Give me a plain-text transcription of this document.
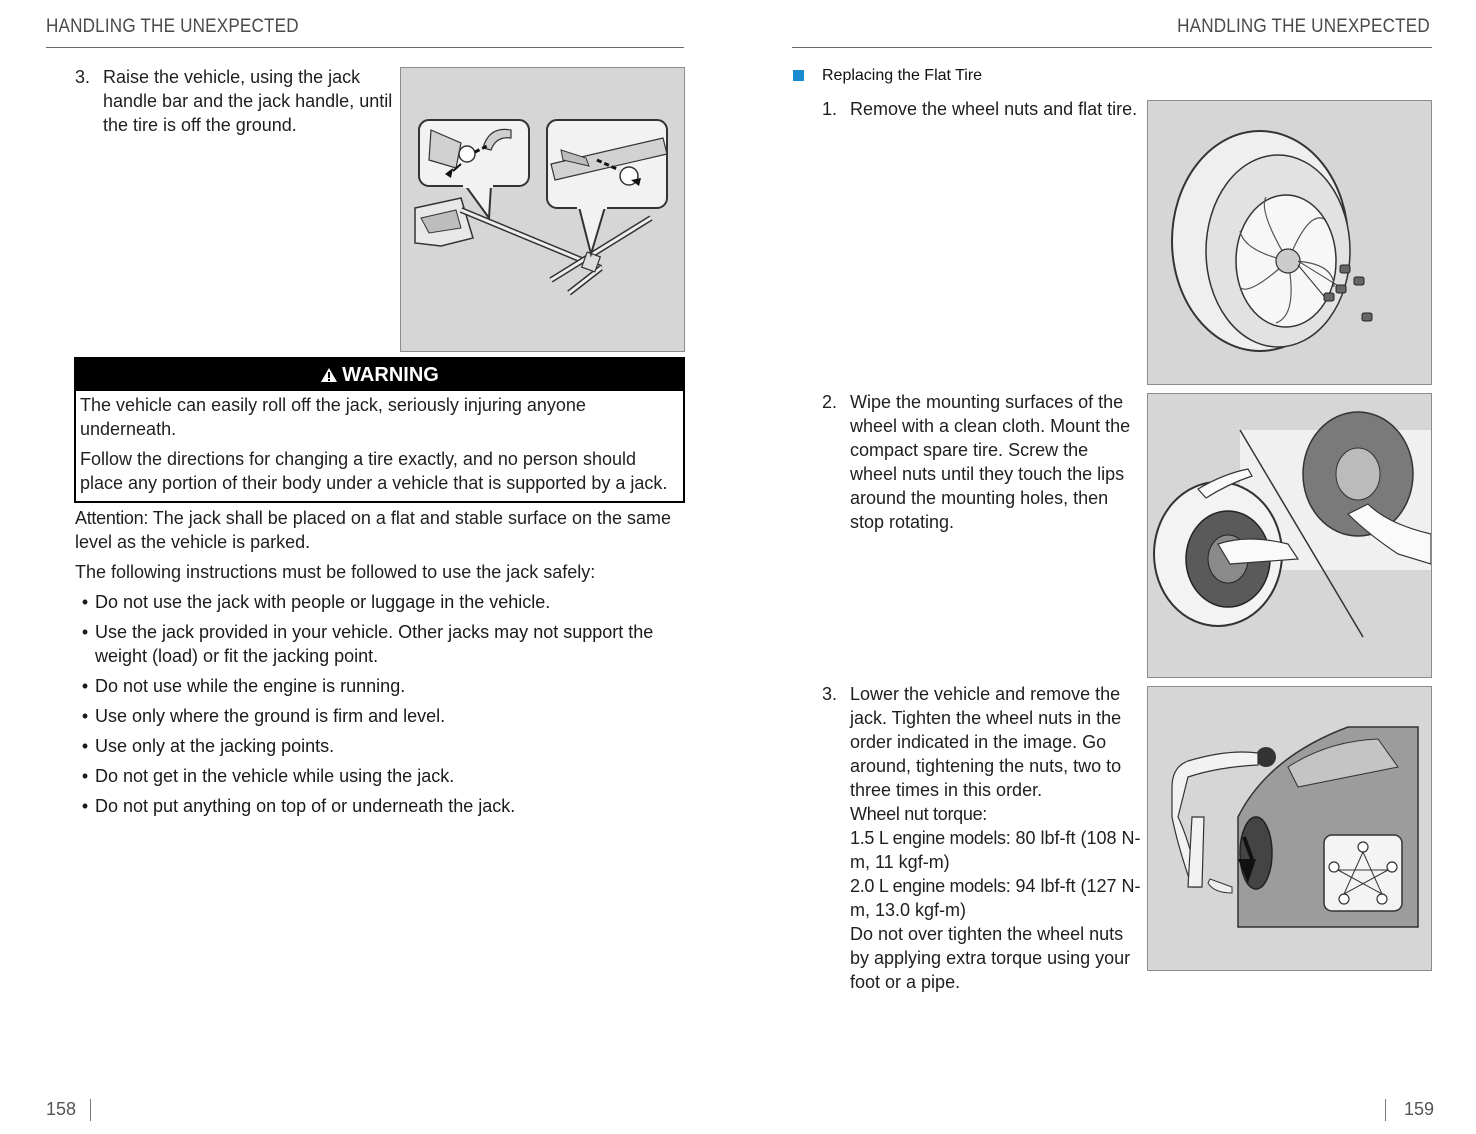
HANDLING THE UNEXPECTED
3. Raise the vehicle, using the jack
handle bar and the jack handle, until
the tire is off the ground.
WARNING
The vehicle can easily roll off the jack, seriously injuring anyone
underneath.
Follow the directions for changing a tire exactly, and no person should
place any portion of their body under a vehicle that is supported by a jack.
Attention: The jack shall be placed on a flat and stable surface on the same
level as the vehicle is parked.
The following instructions must be followed to use the jack safely:
• Do not use the jack with people or luggage in the vehicle.
• Use the jack provided in your vehicle. Other jacks may not support the
weight (load) or fit the jacking point.
• Do not use while the engine is running.
• Use only where the ground is firm and level.
• Use only at the jacking points.
• Do not get in the vehicle while using the jack.
• Do not put anything on top of or underneath the jack.
158
HANDLING THE UNEXPECTED
Replacing the Flat Tire
1. Remove the wheel nuts and flat tire.
2. Wipe the mounting surfaces of the
wheel with a clean cloth. Mount the
compact spare tire. Screw the
wheel nuts until they touch the lips
around the mounting holes, then
stop rotating.
3. Lower the vehicle and remove the
jack. Tighten the wheel nuts in the
order indicated in the image. Go
around, tightening the nuts, two to
three times in this order.
Wheel nut torque:
1.5 L engine models: 80 lbf-ft (108 N-
m, 11 kgf-m)
2.0 L engine models: 94 lbf-ft (127 N-
m, 13.0 kgf-m)
Do not over tighten the wheel nuts
by applying extra torque using your
foot or a pipe.
159
